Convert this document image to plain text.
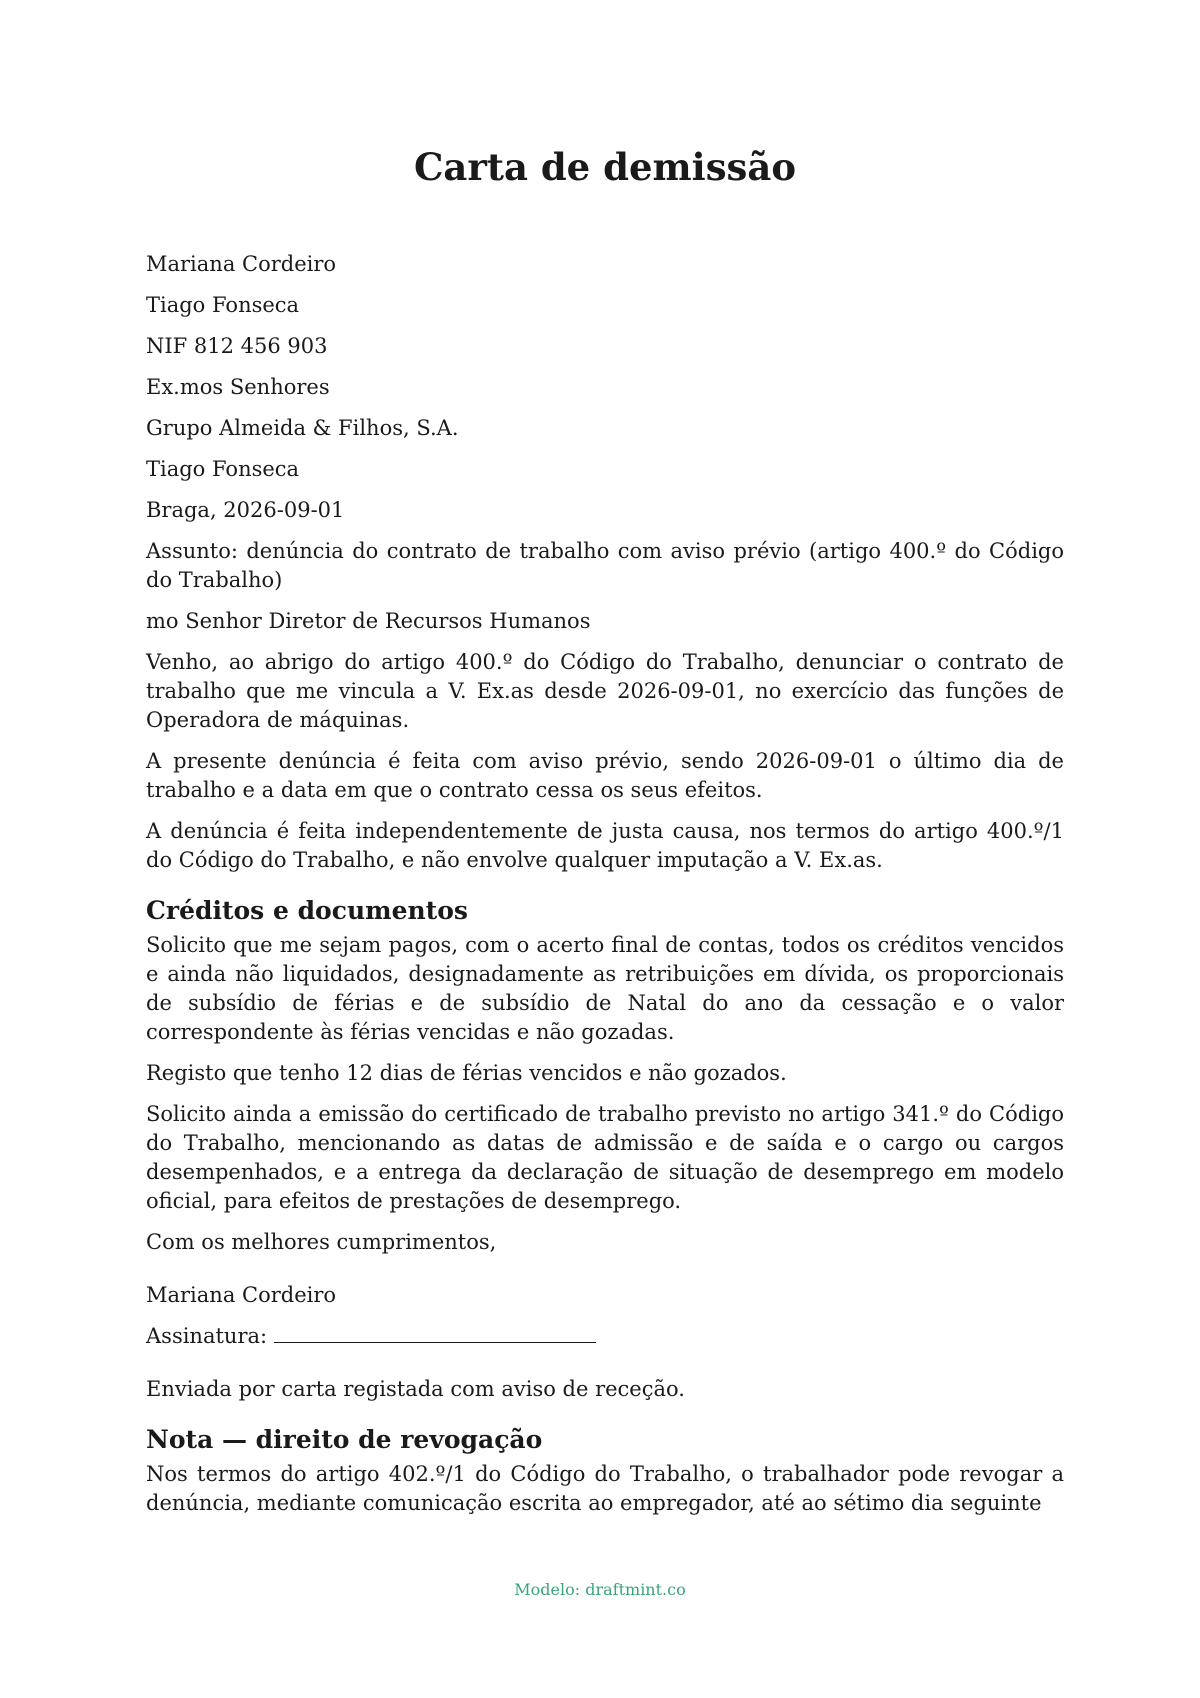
Carta de demissão

Mariana Cordeiro

Tiago Fonseca

NIF 812 456 903

Ex.mos Senhores

Grupo Almeida & Filhos, S.A.

Tiago Fonseca

Braga, 2026-09-01

Assunto: denúncia do contrato de trabalho com aviso prévio (artigo 400.º do Código do Trabalho)

mo Senhor Diretor de Recursos Humanos

Venho, ao abrigo do artigo 400.º do Código do Trabalho, denunciar o contrato de trabalho que me vincula a V. Ex.as desde 2026-09-01, no exercício das funções de Operadora de máquinas.

A presente denúncia é feita com aviso prévio, sendo 2026-09-01 o último dia de trabalho e a data em que o contrato cessa os seus efeitos.

A denúncia é feita independentemente de justa causa, nos termos do artigo 400.º/1 do Código do Trabalho, e não envolve qualquer imputação a V. Ex.as.

Créditos e documentos

Solicito que me sejam pagos, com o acerto final de contas, todos os créditos vencidos e ainda não liquidados, designadamente as retribuições em dívida, os proporcionais de subsídio de férias e de subsídio de Natal do ano da cessação e o valor correspondente às férias vencidas e não gozadas.

Registo que tenho 12 dias de férias vencidos e não gozados.

Solicito ainda a emissão do certificado de trabalho previsto no artigo 341.º do Código do Trabalho, mencionando as datas de admissão e de saída e o cargo ou cargos desempenhados, e a entrega da declaração de situação de desemprego em modelo oficial, para efeitos de prestações de desemprego.

Com os melhores cumprimentos,

Mariana Cordeiro

Assinatura:

Enviada por carta registada com aviso de receção.

Nota — direito de revogação

Nos termos do artigo 402.º/1 do Código do Trabalho, o trabalhador pode revogar a denúncia, mediante comunicação escrita ao empregador, até ao sétimo dia seguinte

Modelo: draftmint.co
